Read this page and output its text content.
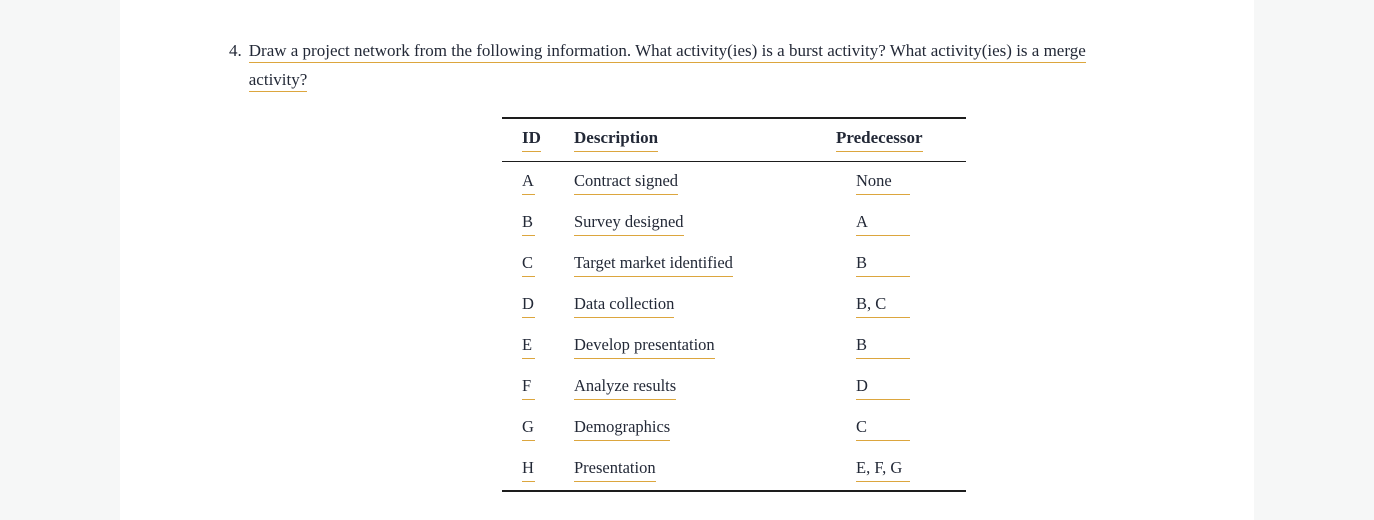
4. Draw a project network from the following information. What activity(ies) is a burst activity? What activity(ies) is a merge
activity?
ID	Description	Predecessor
A	Contract signed	None
B	Survey designed	A
C	Target market identified	B
D	Data collection	B, C
E	Develop presentation	B
F	Analyze results	D
G	Demographics	C
H	Presentation	E, F, G
